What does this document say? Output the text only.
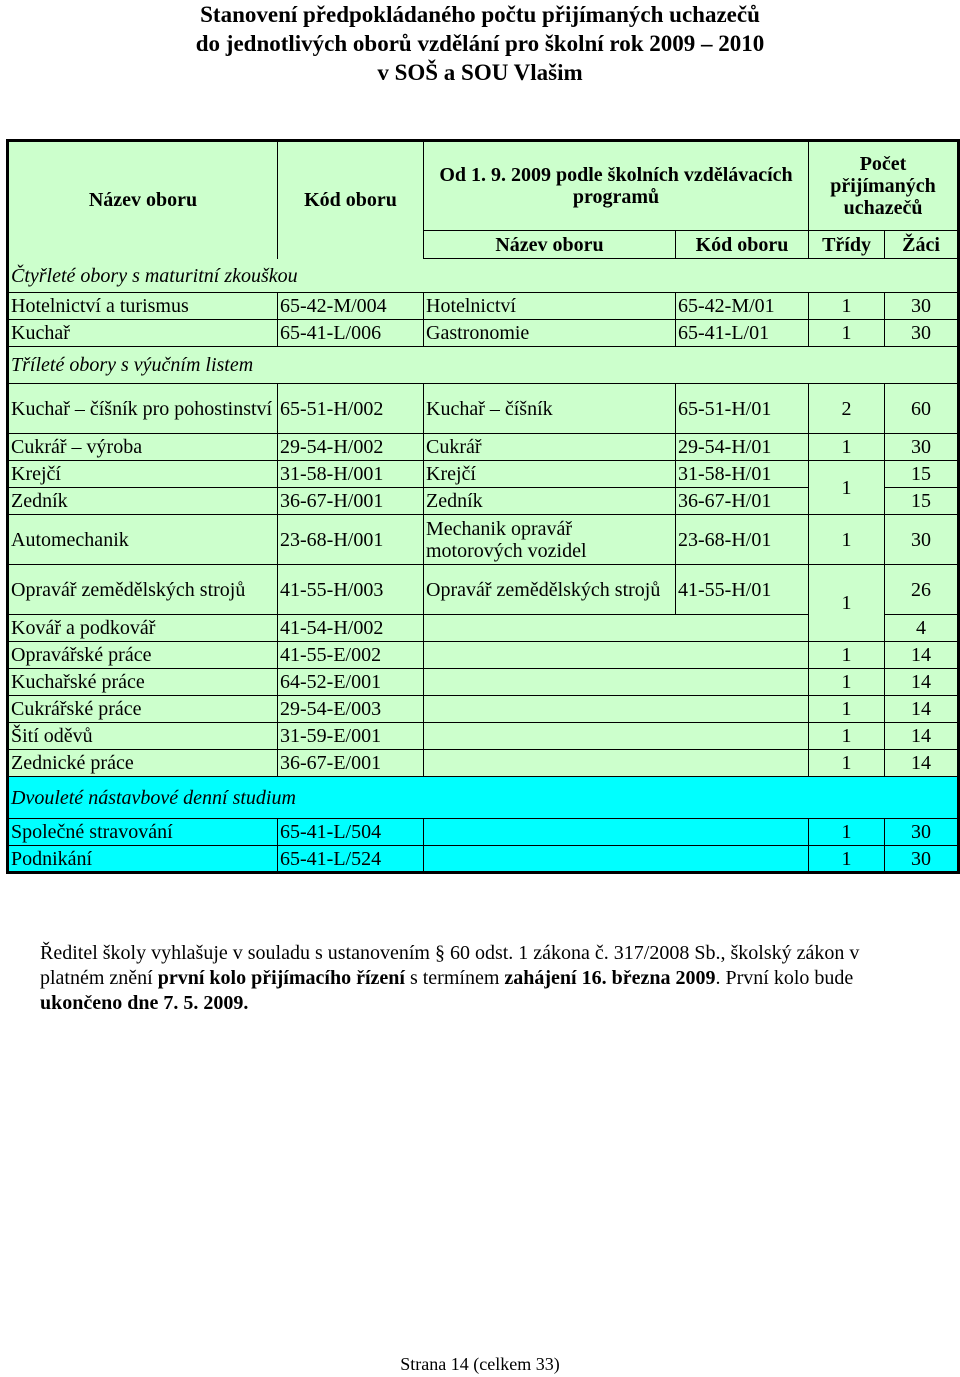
Stanovení předpokládaného počtu přijímaných uchazečů
do jednotlivých oborů vzdělání pro školní rok 2009 – 2010
v SOŠ a SOU Vlašim
Název oboru	Kód oboru	Od 1. 9. 2009 podle školních vzdělávacích programů		Počet přijímaných uchazečů	
		Název oboru	Kód oboru	Třídy	Žáci
Čtyřleté obory s maturitní zkouškou					
Hotelnictví a turismus	65-42-M/004	Hotelnictví	65-42-M/01	1	30
Kuchař	65-41-L/006	Gastronomie	65-41-L/01	1	30
Tříleté obory s výučním listem					
Kuchař – číšník pro pohostinství	65-51-H/002	Kuchař – číšník	65-51-H/01	2	60
Cukrář – výroba	29-54-H/002	Cukrář	29-54-H/01	1	30
Krejčí	31-58-H/001	Krejčí	31-58-H/01	1	15
Zedník	36-67-H/001	Zedník	36-67-H/01		15
Automechanik	23-68-H/001	Mechanik opravář motorových vozidel	23-68-H/01	1	30
Opravář zemědělských strojů	41-55-H/003	Opravář zemědělských strojů	41-55-H/01	1	26
Kovář a podkovář	41-54-H/002				4
Opravářské práce	41-55-E/002			1	14
Kuchařské práce	64-52-E/001			1	14
Cukrářské práce	29-54-E/003			1	14
Šití oděvů	31-59-E/001			1	14
Zednické práce	36-67-E/001			1	14
Dvouleté nástavbové denní studium					
Společné stravování	65-41-L/504			1	30
Podnikání	65-41-L/524			1	30
Ředitel školy vyhlašuje v souladu s ustanovením § 60 odst. 1 zákona č. 317/2008 Sb., školský zákon v platném znění první kolo přijímacího řízení s termínem zahájení 16. března 2009. První kolo bude ukončeno dne 7. 5. 2009.
Strana 14 (celkem 33)
